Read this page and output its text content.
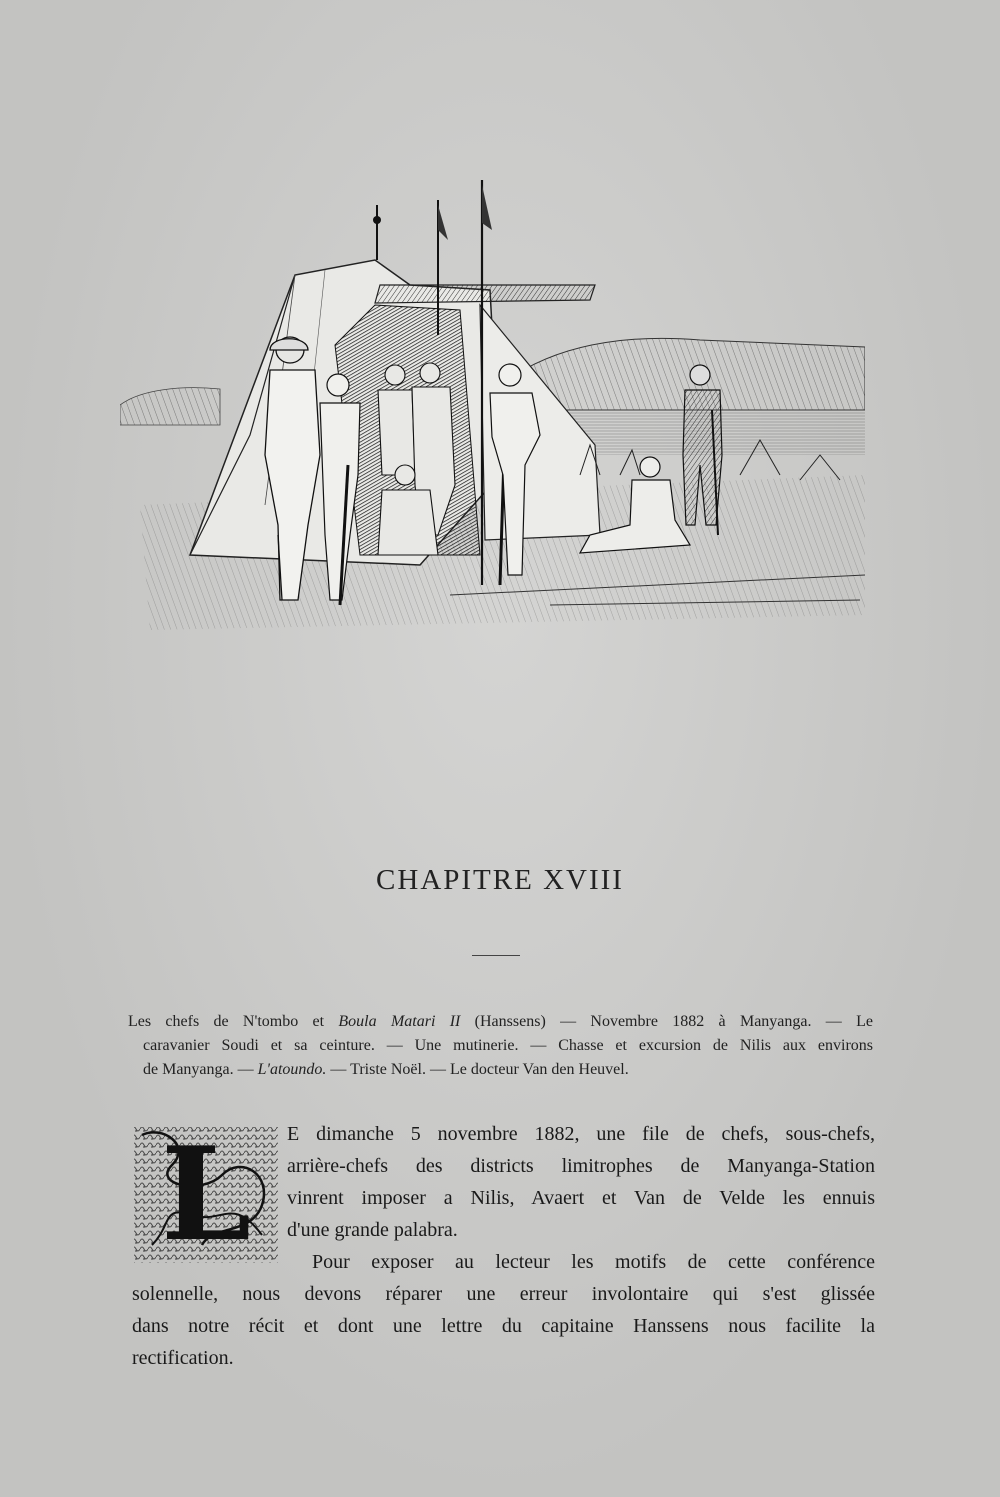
CHAPITRE XVIII
Les chefs de N'tombo et Boula Matari II (Hanssens) — Novembre 1882 à Manyanga. — Le
caravanier Soudi et sa ceinture. — Une mutinerie. — Chasse et excursion de Nilis aux environs
de Manyanga. — L'atoundo. — Triste Noël. — Le docteur Van den Heuvel.
L	E dimanche 5 novembre 1882, une file de chefs, sous-chefs,
arrière-chefs des districts limitrophes de Manyanga-Station
vinrent imposer a Nilis, Avaert et Van de Velde les ennuis
d'une grande palabra.
Pour exposer au lecteur les motifs de cette conférence
solennelle, nous devons réparer une erreur involontaire qui s'est glissée
dans notre récit et dont une lettre du capitaine Hanssens nous facilite la
rectification.
